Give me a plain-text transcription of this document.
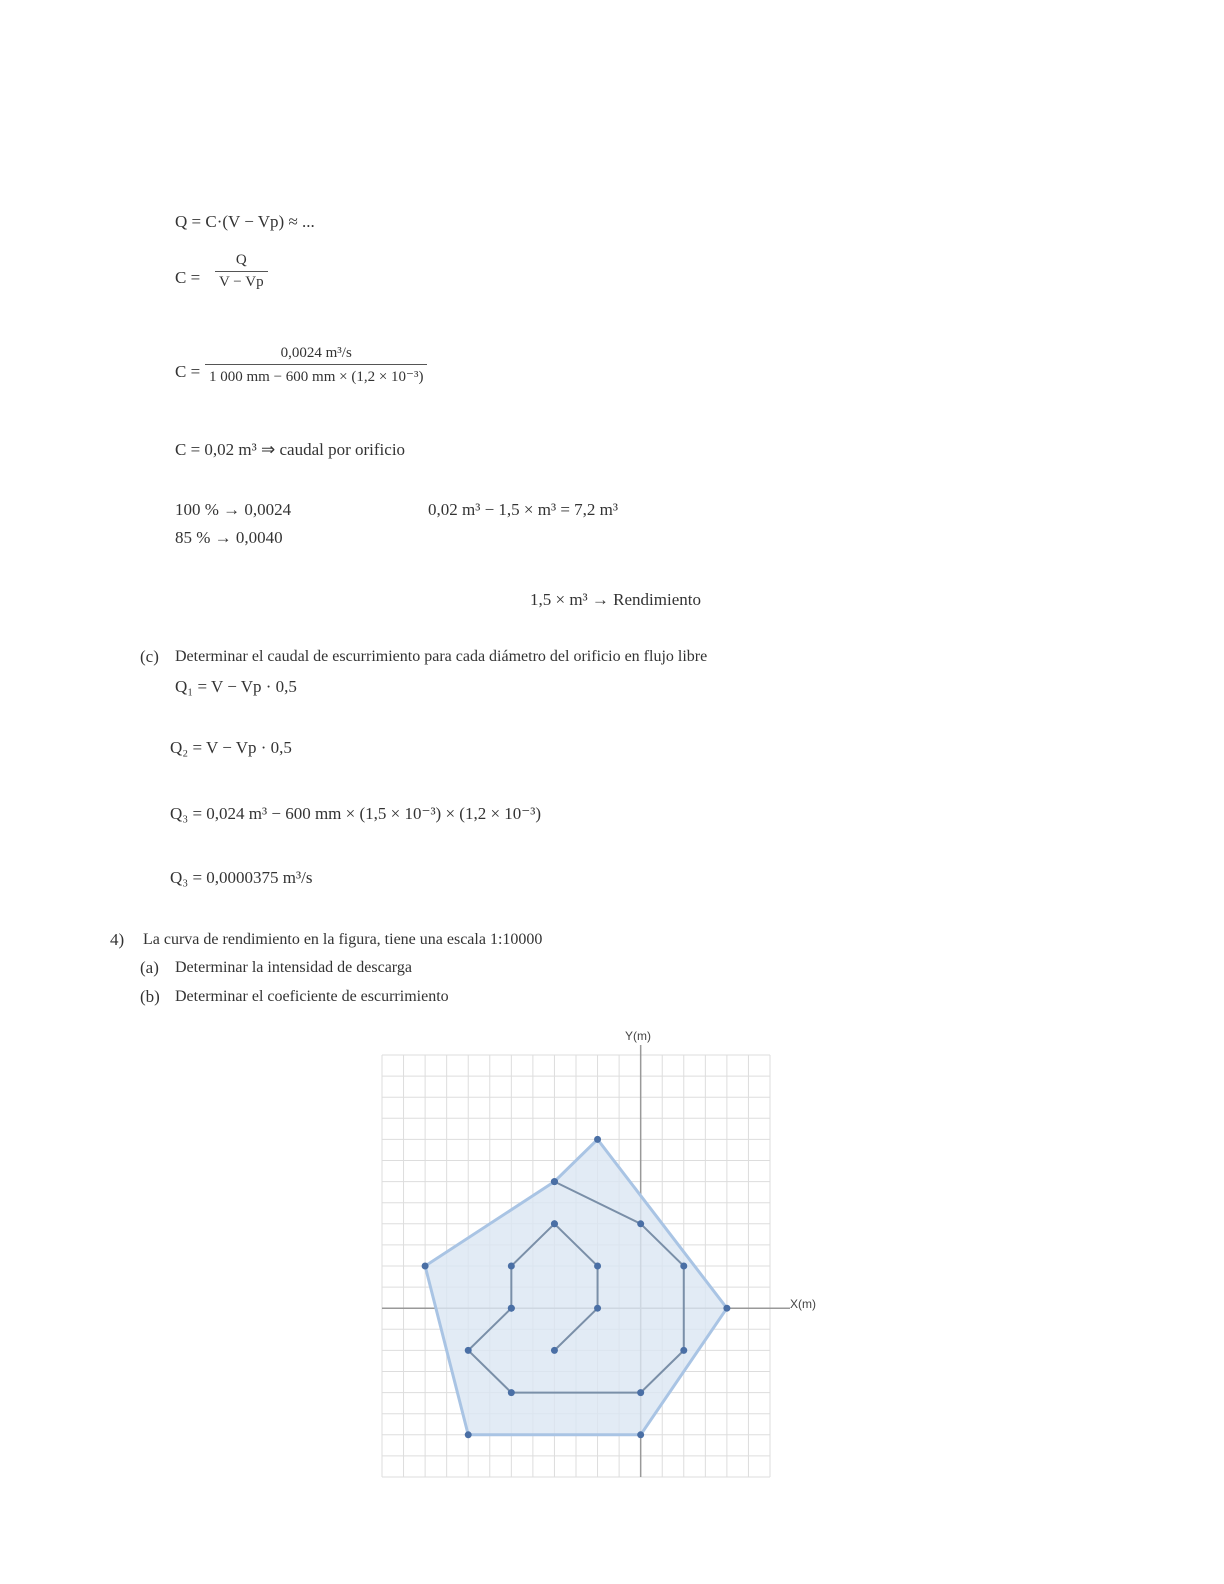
Q = C·(V − Vp) ≈ ...
C =
Q
V − Vp
C =
0,0024 m³/s
1 000 mm − 600 mm × (1,2 × 10⁻³)
C = 0,02 m³ ⇒ caudal por orificio
100 % → 0,0024	0,02 m³ − 1,5 × m³ = 7,2 m³
85 % → 0,0040
1,5 × m³ → Rendimiento
(c) Determinar el caudal de escurrimiento para cada diámetro del orificio en flujo libre
Q₁ = V − Vp · 0,5
Q₂ = V − Vp · 0,5
Q₃ = 0,024 m³ − 600 mm × (1,5 × 10⁻³) × (1,2 × 10⁻³)
Q₃ = 0,0000375 m³/s
4) La curva de rendimiento en la figura, tiene una escala 1:10000
(a) Determinar la intensidad de descarga
(b) Determinar el coeficiente de escurrimiento
Y(m)
X(m)
